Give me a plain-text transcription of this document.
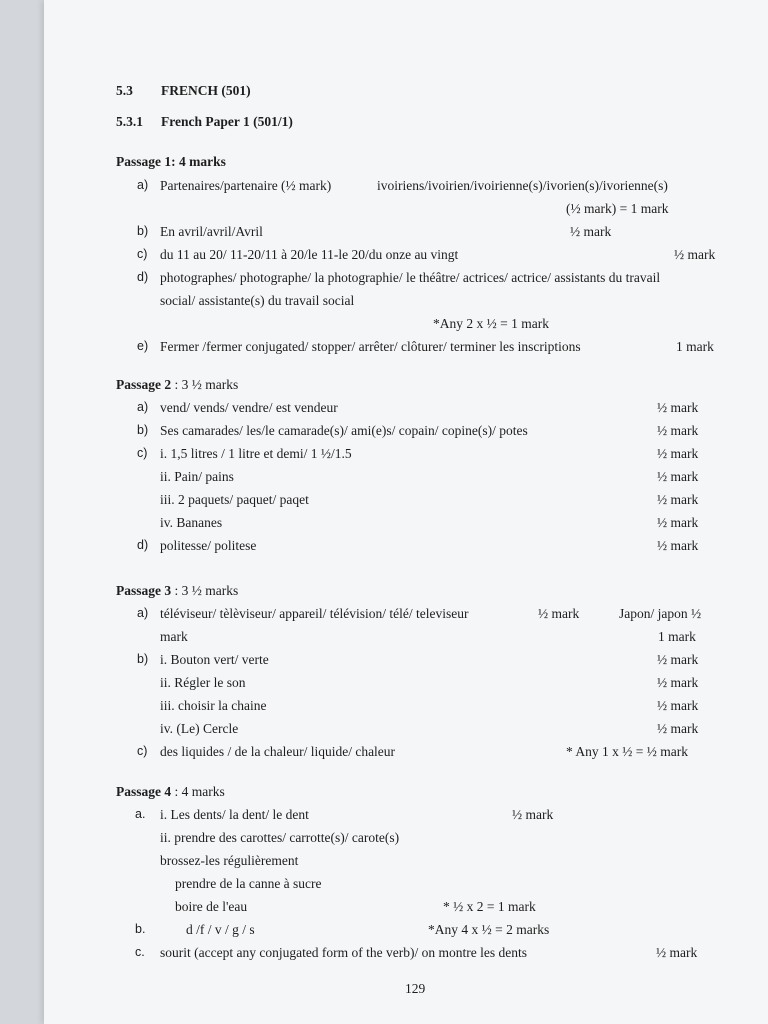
5.3 FRENCH (501)
5.3.1 French Paper 1 (501/1)
Passage 1: 4 marks
a) Partenaires/partenaire (½ mark)	ivoiriens/ivoirien/ivoirienne(s)/ivorien(s)/ivorienne(s)
(½ mark) = 1 mark
b) En avril/avril/Avril	½ mark
c) du 11 au 20/ 11-20/11 à 20/le 11-le 20/du onze au vingt	½ mark
d) photographes/ photographe/ la photographie/ le théâtre/ actrices/ actrice/ assistants du travail
social/ assistante(s) du travail social
*Any 2 x ½ = 1 mark
e) Fermer /fermer conjugated/ stopper/ arrêter/ clôturer/ terminer les inscriptions	1 mark
Passage 2 : 3 ½ marks
a) vend/ vends/ vendre/ est vendeur	½ mark
b) Ses camarades/ les/le camarade(s)/ ami(e)s/ copain/ copine(s)/ potes	½ mark
c) i. 1,5 litres / 1 litre et demi/ 1 ½/1.5	½ mark
ii. Pain/ pains	½ mark
iii. 2 paquets/ paquet/ paqet	½ mark
iv. Bananes	½ mark
d) politesse/ politese	½ mark
Passage 3 : 3 ½ marks
a) téléviseur/ tèlèviseur/ appareil/ télévision/ télé/ televiseur	½ mark	Japon/ japon ½
mark	1 mark
b) i. Bouton vert/ verte	½ mark
ii. Régler le son	½ mark
iii. choisir la chaine	½ mark
iv. (Le) Cercle	½ mark
c) des liquides / de la chaleur/ liquide/ chaleur	* Any 1 x ½ = ½ mark
Passage 4 : 4 marks
a. i. Les dents/ la dent/ le dent	½ mark
ii. prendre des carottes/ carrotte(s)/ carote(s)
brossez-les régulièrement
prendre de la canne à sucre
boire de l'eau	* ½ x 2 = 1 mark
b.	d /f / v / g / s	*Any 4 x ½ = 2 marks
c. sourit (accept any conjugated form of the verb)/ on montre les dents	½ mark
129
